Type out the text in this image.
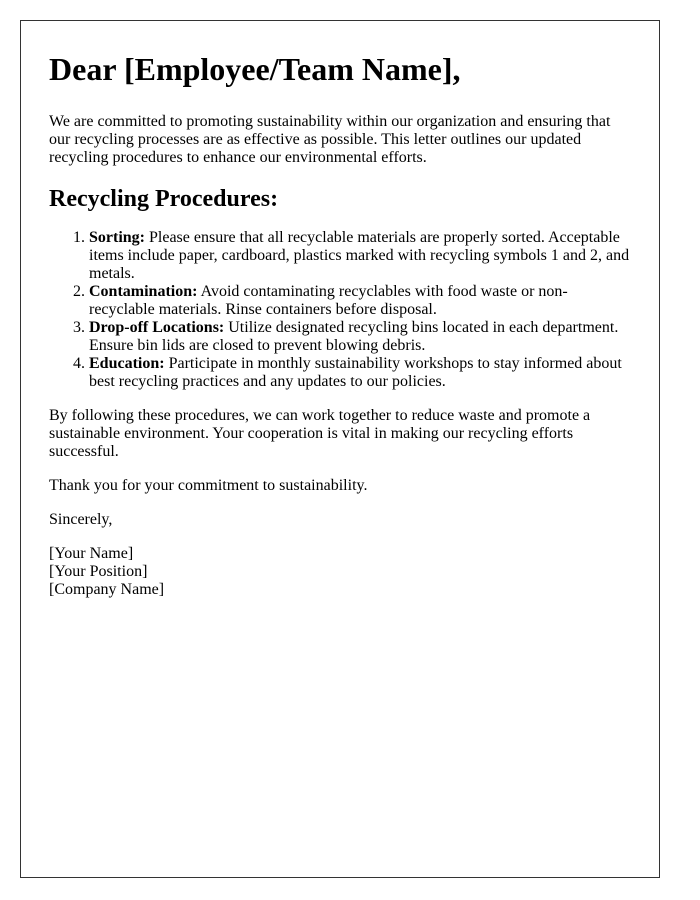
Dear [Employee/Team Name],

We are committed to promoting sustainability within our organization and ensuring that our recycling processes are as effective as possible. This letter outlines our updated recycling procedures to enhance our environmental efforts.

Recycling Procedures:
1. Sorting: Please ensure that all recyclable materials are properly sorted. Acceptable items include paper, cardboard, plastics marked with recycling symbols 1 and 2, and metals.
2. Contamination: Avoid contaminating recyclables with food waste or non-recyclable materials. Rinse containers before disposal.
3. Drop-off Locations: Utilize designated recycling bins located in each department. Ensure bin lids are closed to prevent blowing debris.
4. Education: Participate in monthly sustainability workshops to stay informed about best recycling practices and any updates to our policies.

By following these procedures, we can work together to reduce waste and promote a sustainable environment. Your cooperation is vital in making our recycling efforts successful.

Thank you for your commitment to sustainability.

Sincerely,

[Your Name]
[Your Position]
[Company Name]
